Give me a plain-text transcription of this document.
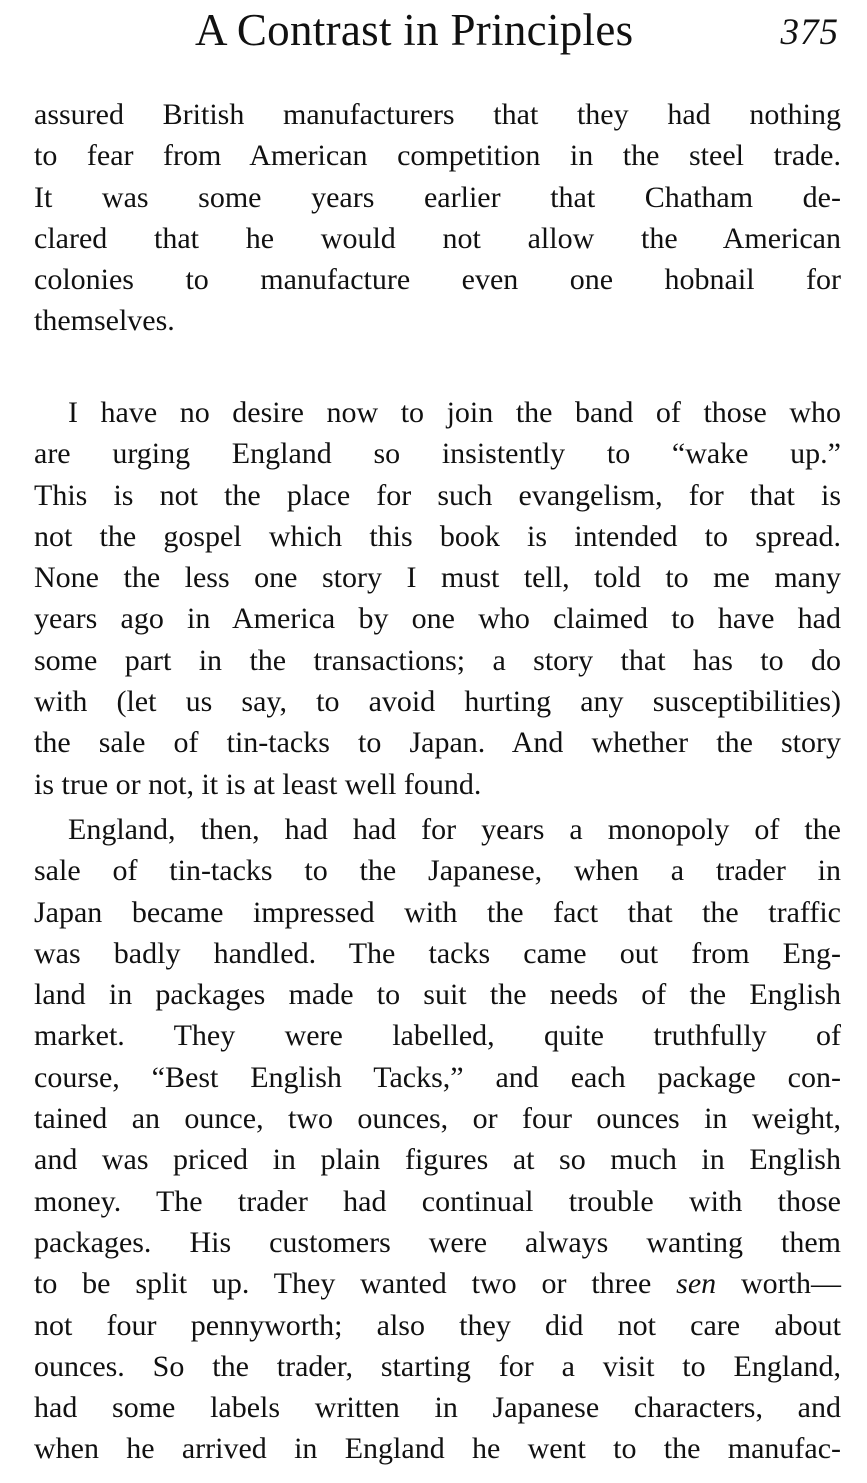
A Contrast in Principles	375
assured British manufacturers that they had nothing
to fear from American competition in the steel trade.
It was some years earlier that Chatham de-
clared that he would not allow the American
colonies to manufacture even one hobnail for
themselves.
I have no desire now to join the band of those who
are urging England so insistently to “wake up.”
This is not the place for such evangelism, for that is
not the gospel which this book is intended to spread.
None the less one story I must tell, told to me many
years ago in America by one who claimed to have had
some part in the transactions; a story that has to do
with (let us say, to avoid hurting any susceptibilities)
the sale of tin-tacks to Japan. And whether the story
is true or not, it is at least well found.
England, then, had had for years a monopoly of the
sale of tin-tacks to the Japanese, when a trader in
Japan became impressed with the fact that the traffic
was badly handled. The tacks came out from Eng-
land in packages made to suit the needs of the English
market. They were labelled, quite truthfully of
course, “Best English Tacks,” and each package con-
tained an ounce, two ounces, or four ounces in weight,
and was priced in plain figures at so much in English
money. The trader had continual trouble with those
packages. His customers were always wanting them
to be split up. They wanted two or three sen worth—
not four pennyworth; also they did not care about
ounces. So the trader, starting for a visit to England,
had some labels written in Japanese characters, and
when he arrived in England he went to the manufac-
